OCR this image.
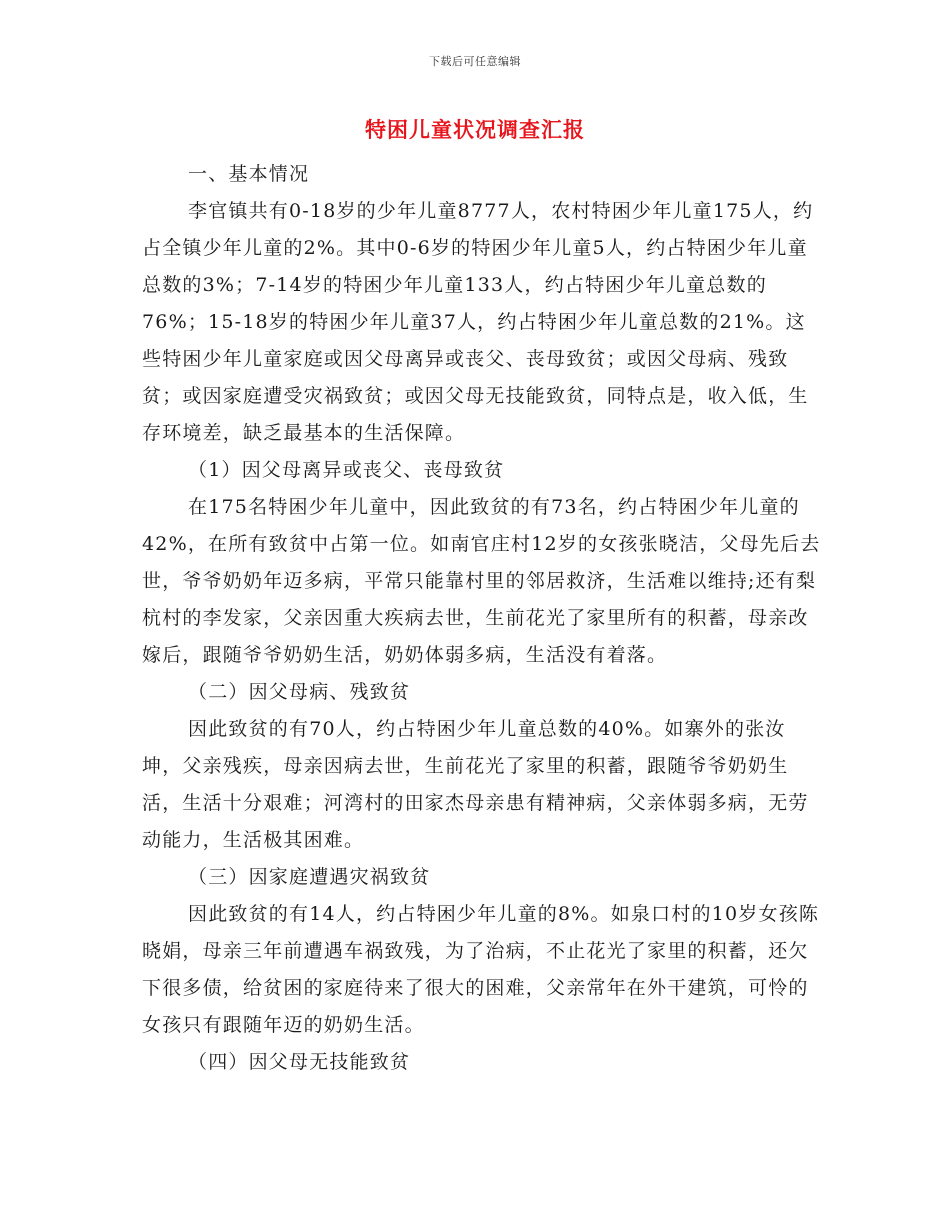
下载后可任意编辑
特困儿童状况调查汇报

一、基本情况

李官镇共有0-18岁的少年儿童8777人，农村特困少年儿童175人，约占全镇少年儿童的2%。其中0-6岁的特困少年儿童5人，约占特困少年儿童总数的3%；7-14岁的特困少年儿童133人，约占特困少年儿童总数的76%；15-18岁的特困少年儿童37人，约占特困少年儿童总数的21%。这些特困少年儿童家庭或因父母离异或丧父、丧母致贫；或因父母病、残致贫；或因家庭遭受灾祸致贫；或因父母无技能致贫，同特点是，收入低，生存环境差，缺乏最基本的生活保障。

（1）因父母离异或丧父、丧母致贫

在175名特困少年儿童中，因此致贫的有73名，约占特困少年儿童的42%，在所有致贫中占第一位。如南官庄村12岁的女孩张晓洁，父母先后去世，爷爷奶奶年迈多病，平常只能靠村里的邻居救济，生活难以维持;还有梨杭村的李发家，父亲因重大疾病去世，生前花光了家里所有的积蓄，母亲改嫁后，跟随爷爷奶奶生活，奶奶体弱多病，生活没有着落。

（二）因父母病、残致贫

因此致贫的有70人，约占特困少年儿童总数的40%。如寨外的张汝坤，父亲残疾，母亲因病去世，生前花光了家里的积蓄，跟随爷爷奶奶生活，生活十分艰难；河湾村的田家杰母亲患有精神病，父亲体弱多病，无劳动能力，生活极其困难。

（三）因家庭遭遇灾祸致贫

因此致贫的有14人，约占特困少年儿童的8%。如泉口村的10岁女孩陈晓娟，母亲三年前遭遇车祸致残，为了治病，不止花光了家里的积蓄，还欠下很多债，给贫困的家庭待来了很大的困难，父亲常年在外干建筑，可怜的女孩只有跟随年迈的奶奶生活。

（四）因父母无技能致贫
